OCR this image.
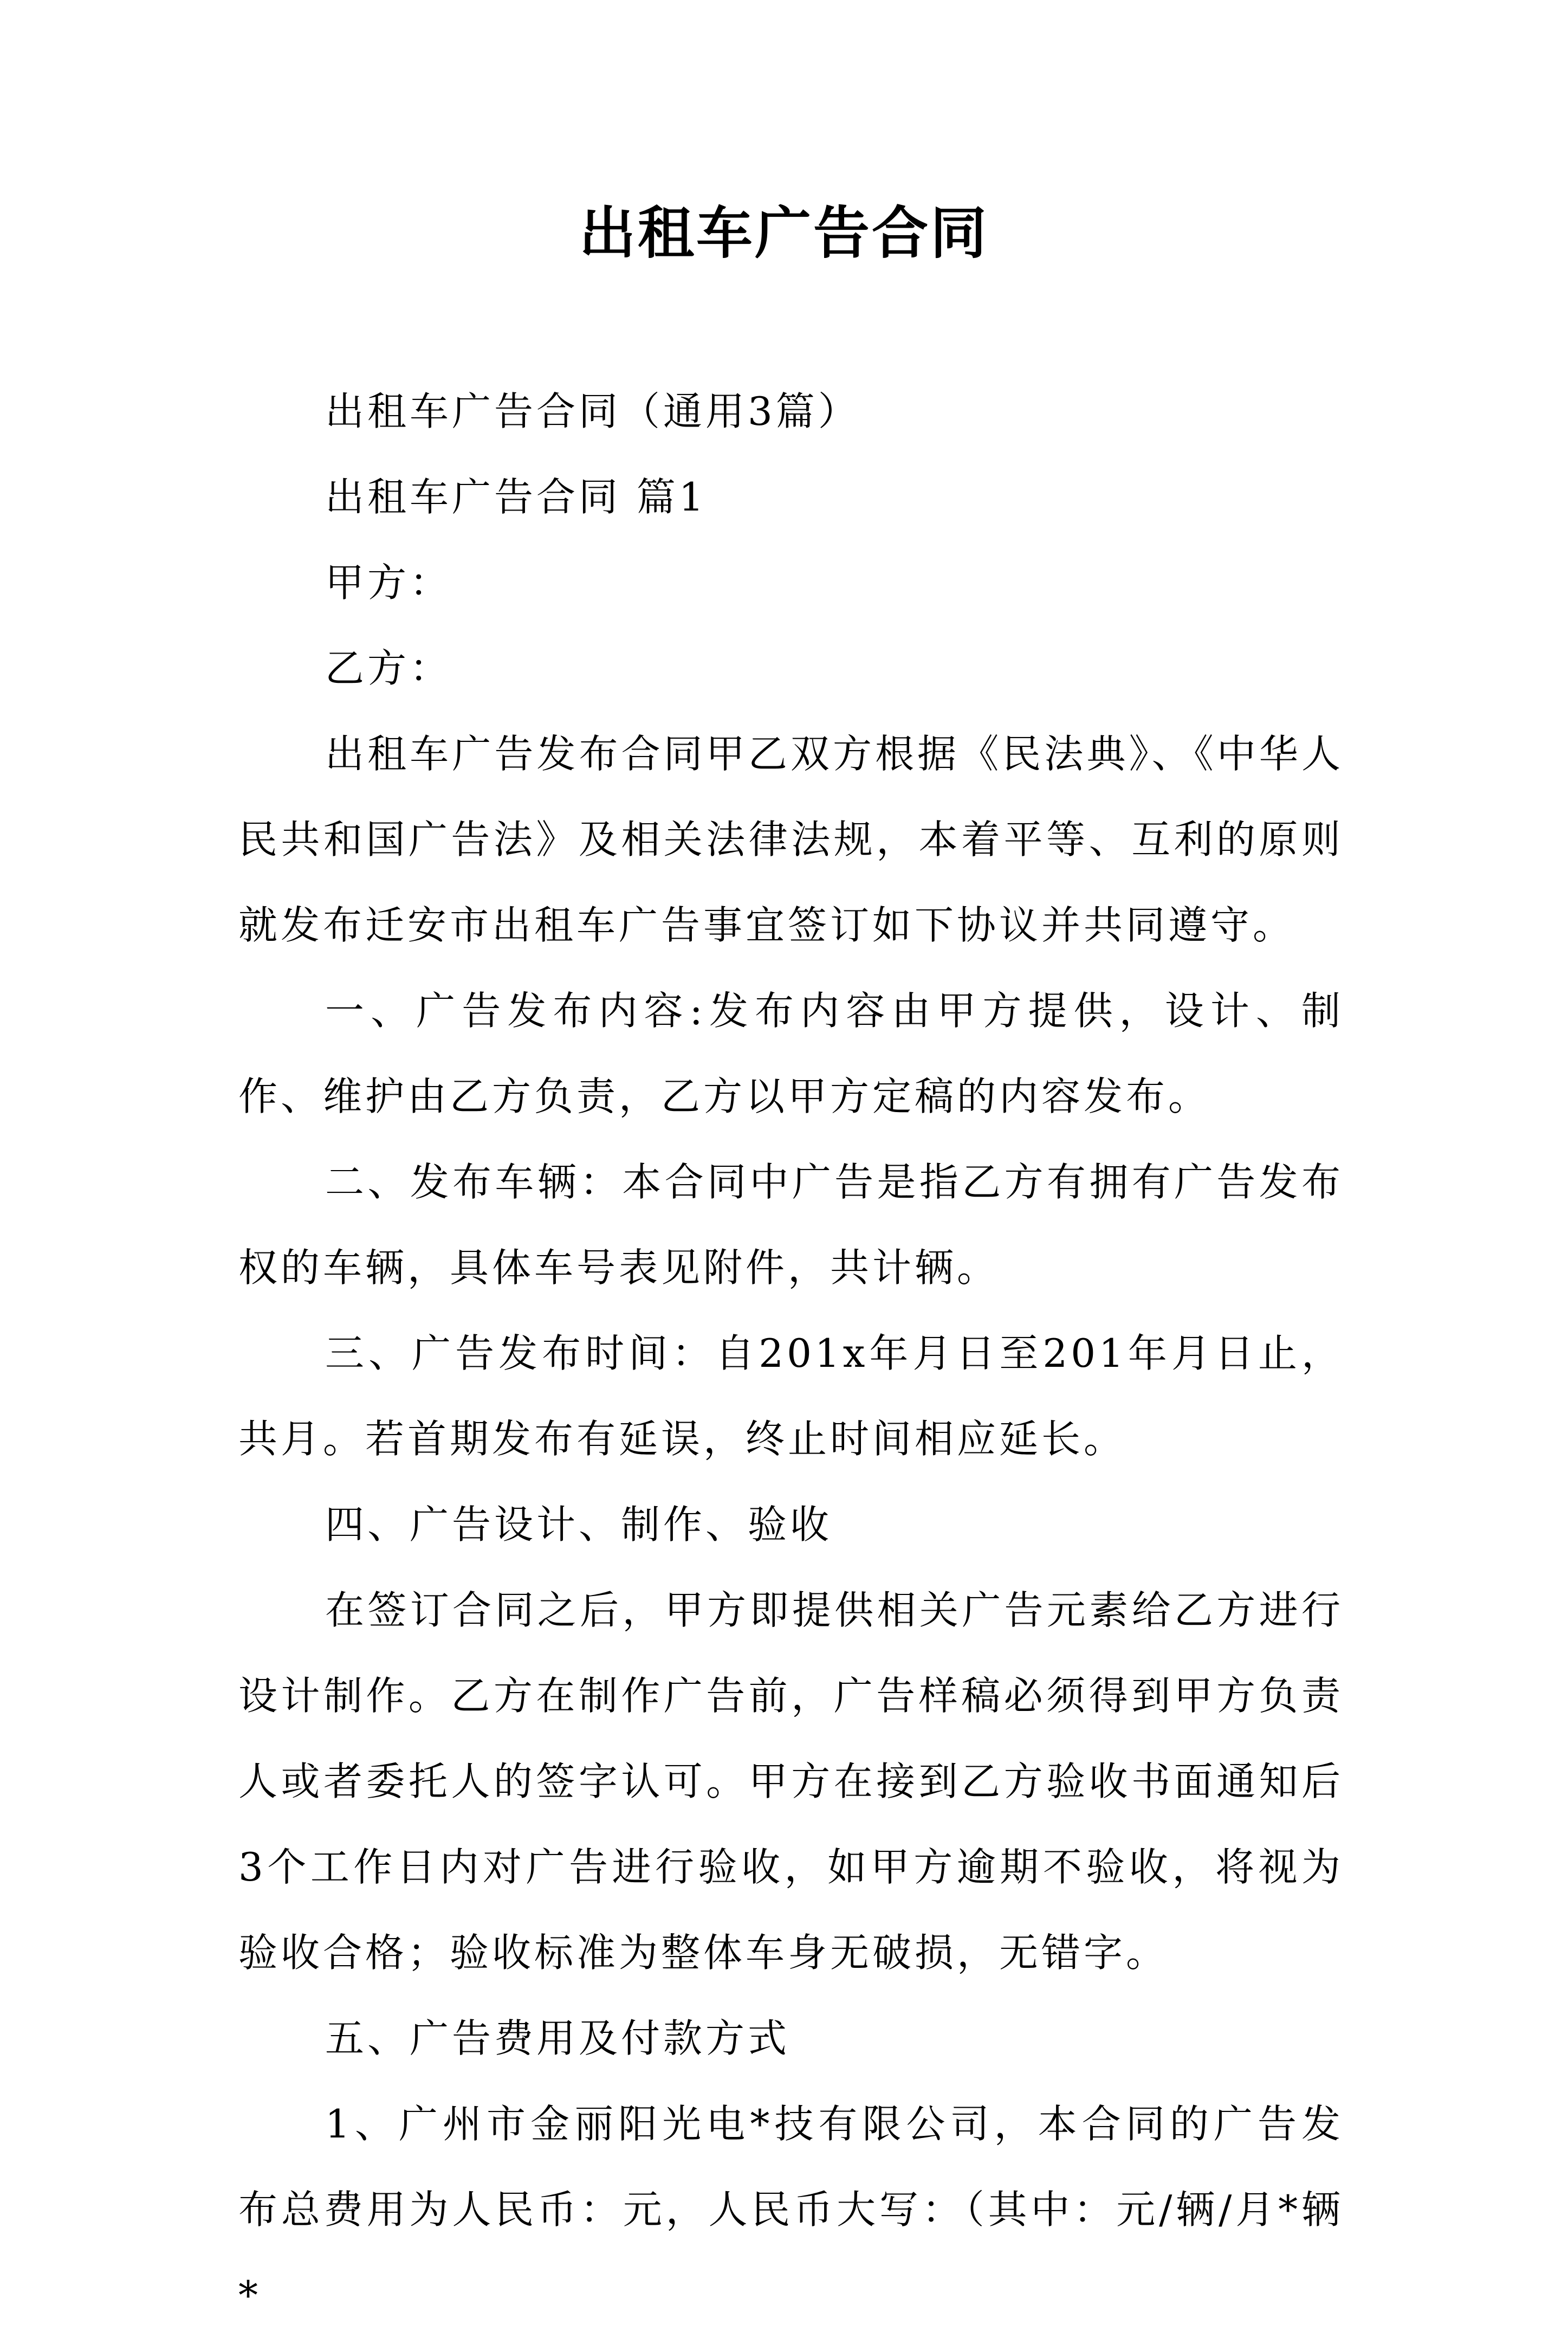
出租车广告合同

出租车广告合同（通用3篇）

出租车广告合同 篇1

甲方：

乙方：

出租车广告发布合同甲乙双方根据《民法典》、《中华人民共和国广告法》及相关法律法规，本着平等、互利的原则就发布迁安市出租车广告事宜签订如下协议并共同遵守。

一、广告发布内容:发布内容由甲方提供，设计、制作、维护由乙方负责，乙方以甲方定稿的内容发布。

二、发布车辆：本合同中广告是指乙方有拥有广告发布权的车辆，具体车号表见附件，共计辆。

三、广告发布时间：自201x年月日至201年月日止，共月。若首期发布有延误，终止时间相应延长。

四、广告设计、制作、验收

在签订合同之后，甲方即提供相关广告元素给乙方进行设计制作。乙方在制作广告前，广告样稿必须得到甲方负责人或者委托人的签字认可。甲方在接到乙方验收书面通知后3个工作日内对广告进行验收，如甲方逾期不验收，将视为验收合格；验收标准为整体车身无破损，无错字。

五、广告费用及付款方式

1、广州市金丽阳光电*技有限公司，本合同的广告发布总费用为人民币：元，人民币大写：（其中：元/辆/月*辆*
